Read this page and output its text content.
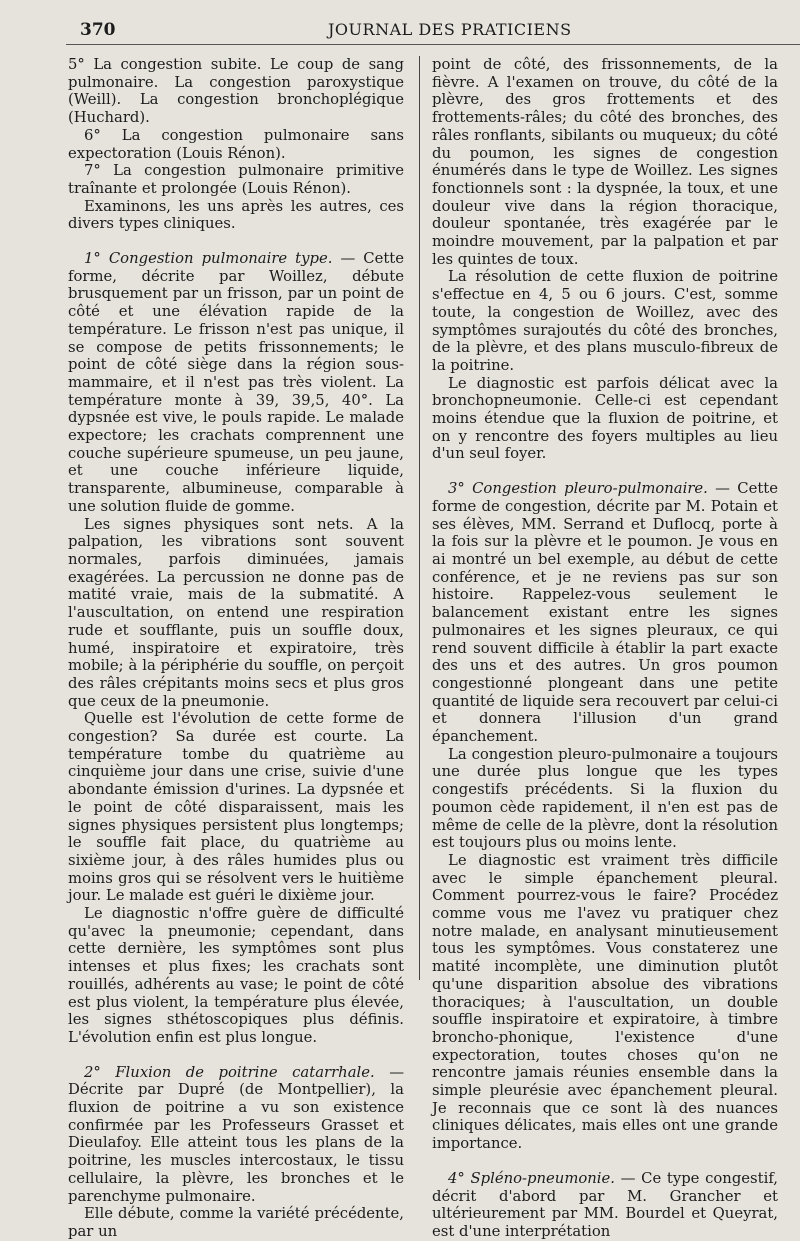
370	JOURNAL DES PRATICIENS

5° La congestion subite. Le coup de sang pulmonaire. La congestion paroxystique (Weill). La congestion bronchoplégique (Huchard).

6° La congestion pulmonaire sans expectoration (Louis Rénon).

7° La congestion pulmonaire primitive traînante et prolongée (Louis Rénon).

Examinons, les uns après les autres, ces divers types cliniques.

1° Congestion pulmonaire type. — Cette forme, décrite par Woillez, débute brusquement par un frisson, par un point de côté et une élévation rapide de la température. Le frisson n'est pas unique, il se compose de petits frissonnements; le point de côté siège dans la région sous-mammaire, et il n'est pas très violent. La température monte à 39, 39,5, 40°. La dypsnée est vive, le pouls rapide. Le malade expectore; les crachats comprennent une couche supérieure spumeuse, un peu jaune, et une couche inférieure liquide, transparente, albumineuse, comparable à une solution fluide de gomme.

Les signes physiques sont nets. A la palpation, les vibrations sont souvent normales, parfois diminuées, jamais exagérées. La percussion ne donne pas de matité vraie, mais de la submatité. A l'auscultation, on entend une respiration rude et soufflante, puis un souffle doux, humé, inspiratoire et expiratoire, très mobile; à la périphérie du souffle, on perçoit des râles crépitants moins secs et plus gros que ceux de la pneumonie.

Quelle est l'évolution de cette forme de congestion? Sa durée est courte. La température tombe du quatrième au cinquième jour dans une crise, suivie d'une abondante émission d'urines. La dypsnée et le point de côté disparaissent, mais les signes physiques persistent plus longtemps; le souffle fait place, du quatrième au sixième jour, à des râles humides plus ou moins gros qui se résolvent vers le huitième jour. Le malade est guéri le dixième jour.

Le diagnostic n'offre guère de difficulté qu'avec la pneumonie; cependant, dans cette dernière, les symptômes sont plus intenses et plus fixes; les crachats sont rouillés, adhérents au vase; le point de côté est plus violent, la température plus élevée, les signes sthétoscopiques plus définis. L'évolution enfin est plus longue.

2° Fluxion de poitrine catarrhale. — Décrite par Dupré (de Montpellier), la fluxion de poitrine a vu son existence confirmée par les Professeurs Grasset et Dieulafoy. Elle atteint tous les plans de la poitrine, les muscles intercostaux, le tissu cellulaire, la plèvre, les bronches et le parenchyme pulmonaire.

Elle débute, comme la variété précédente, par un

point de côté, des frissonnements, de la fièvre. A l'examen on trouve, du côté de la plèvre, des gros frottements et des frottements-râles; du côté des bronches, des râles ronflants, sibilants ou muqueux; du côté du poumon, les signes de congestion énumérés dans le type de Woillez. Les signes fonctionnels sont : la dyspnée, la toux, et une douleur vive dans la région thoracique, douleur spontanée, très exagérée par le moindre mouvement, par la palpation et par les quintes de toux.

La résolution de cette fluxion de poitrine s'effectue en 4, 5 ou 6 jours. C'est, somme toute, la congestion de Woillez, avec des symptômes surajoutés du côté des bronches, de la plèvre, et des plans musculo-fibreux de la poitrine.

Le diagnostic est parfois délicat avec la bronchopneumonie. Celle-ci est cependant moins étendue que la fluxion de poitrine, et on y rencontre des foyers multiples au lieu d'un seul foyer.

3° Congestion pleuro-pulmonaire. — Cette forme de congestion, décrite par M. Potain et ses élèves, MM. Serrand et Duflocq, porte à la fois sur la plèvre et le poumon. Je vous en ai montré un bel exemple, au début de cette conférence, et je ne reviens pas sur son histoire. Rappelez-vous seulement le balancement existant entre les signes pulmonaires et les signes pleuraux, ce qui rend souvent difficile à établir la part exacte des uns et des autres. Un gros poumon congestionné plongeant dans une petite quantité de liquide sera recouvert par celui-ci et donnera l'illusion d'un grand épanchement.

La congestion pleuro-pulmonaire a toujours une durée plus longue que les types congestifs précédents. Si la fluxion du poumon cède rapidement, il n'en est pas de même de celle de la plèvre, dont la résolution est toujours plus ou moins lente.

Le diagnostic est vraiment très difficile avec le simple épanchement pleural. Comment pourrez-vous le faire? Procédez comme vous me l'avez vu pratiquer chez notre malade, en analysant minutieusement tous les symptômes. Vous constaterez une matité incomplète, une diminution plutôt qu'une disparition absolue des vibrations thoraciques; à l'auscultation, un double souffle inspiratoire et expiratoire, à timbre broncho-phonique, l'existence d'une expectoration, toutes choses qu'on ne rencontre jamais réunies ensemble dans la simple pleurésie avec épanchement pleural. Je reconnais que ce sont là des nuances cliniques délicates, mais elles ont une grande importance.

4° Spléno-pneumonie. — Ce type congestif, décrit d'abord par M. Grancher et ultérieurement par MM. Bourdel et Queyrat, est d'une interprétation
